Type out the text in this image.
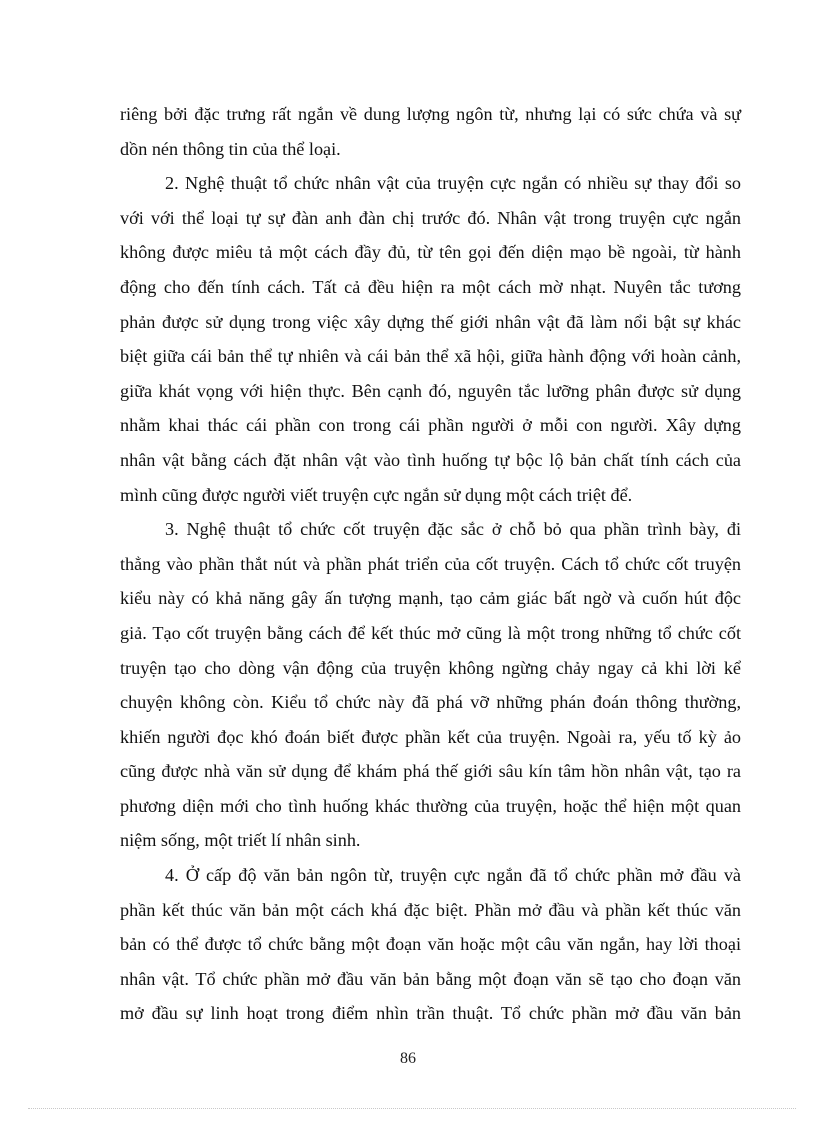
riêng bởi đặc trưng rất ngắn về dung lượng ngôn từ, nhưng lại có sức chứa và sự
dồn nén thông tin của thể loại.

2. Nghệ thuật tổ chức nhân vật của truyện cực ngắn có nhiều sự thay đổi so
với với thể loại tự sự đàn anh đàn chị trước đó. Nhân vật trong truyện cực ngắn
không được miêu tả một cách đầy đủ, từ tên gọi đến diện mạo bề ngoài, từ hành
động cho đến tính cách. Tất cả đều hiện ra một cách mờ nhạt. Nuyên tắc tương
phản được sử dụng trong việc xây dựng thế giới nhân vật đã làm nổi bật sự khác
biệt giữa cái bản thể tự nhiên và cái bản thể xã hội, giữa hành động với hoàn cảnh,
giữa khát vọng với hiện thực. Bên cạnh đó, nguyên tắc lưỡng phân được sử dụng
nhằm khai thác cái phần con trong cái phần người ở mỗi con người. Xây dựng
nhân vật bằng cách đặt nhân vật vào tình huống tự bộc lộ bản chất tính cách của
mình cũng được người viết truyện cực ngắn sử dụng một cách triệt để.

3. Nghệ thuật tổ chức cốt truyện đặc sắc ở chỗ bỏ qua phần trình bày, đi
thẳng vào phần thắt nút và phần phát triển của cốt truyện. Cách tổ chức cốt truyện
kiểu này có khả năng gây ấn tượng mạnh, tạo cảm giác bất ngờ và cuốn hút độc
giả. Tạo cốt truyện bằng cách để kết thúc mở cũng là một trong những tổ chức cốt
truyện tạo cho dòng vận động của truyện không ngừng chảy ngay cả khi lời kể
chuyện không còn. Kiểu tổ chức này đã phá vỡ những phán đoán thông thường,
khiến người đọc khó đoán biết được phần kết của truyện. Ngoài ra, yếu tố kỳ ảo
cũng được nhà văn sử dụng để khám phá thế giới sâu kín tâm hồn nhân vật, tạo ra
phương diện mới cho tình huống khác thường của truyện, hoặc thể hiện một quan
niệm sống, một triết lí nhân sinh.

4. Ở cấp độ văn bản ngôn từ, truyện cực ngắn đã tổ chức phần mở đầu và
phần kết thúc văn bản một cách khá đặc biệt. Phần mở đầu và phần kết thúc văn
bản có thể được tổ chức bằng một đoạn văn hoặc một câu văn ngắn, hay lời thoại
nhân vật. Tổ chức phần mở đầu văn bản bằng một đoạn văn sẽ tạo cho đoạn văn
mở đầu sự linh hoạt trong điểm nhìn trần thuật. Tổ chức phần mở đầu văn bản

86
